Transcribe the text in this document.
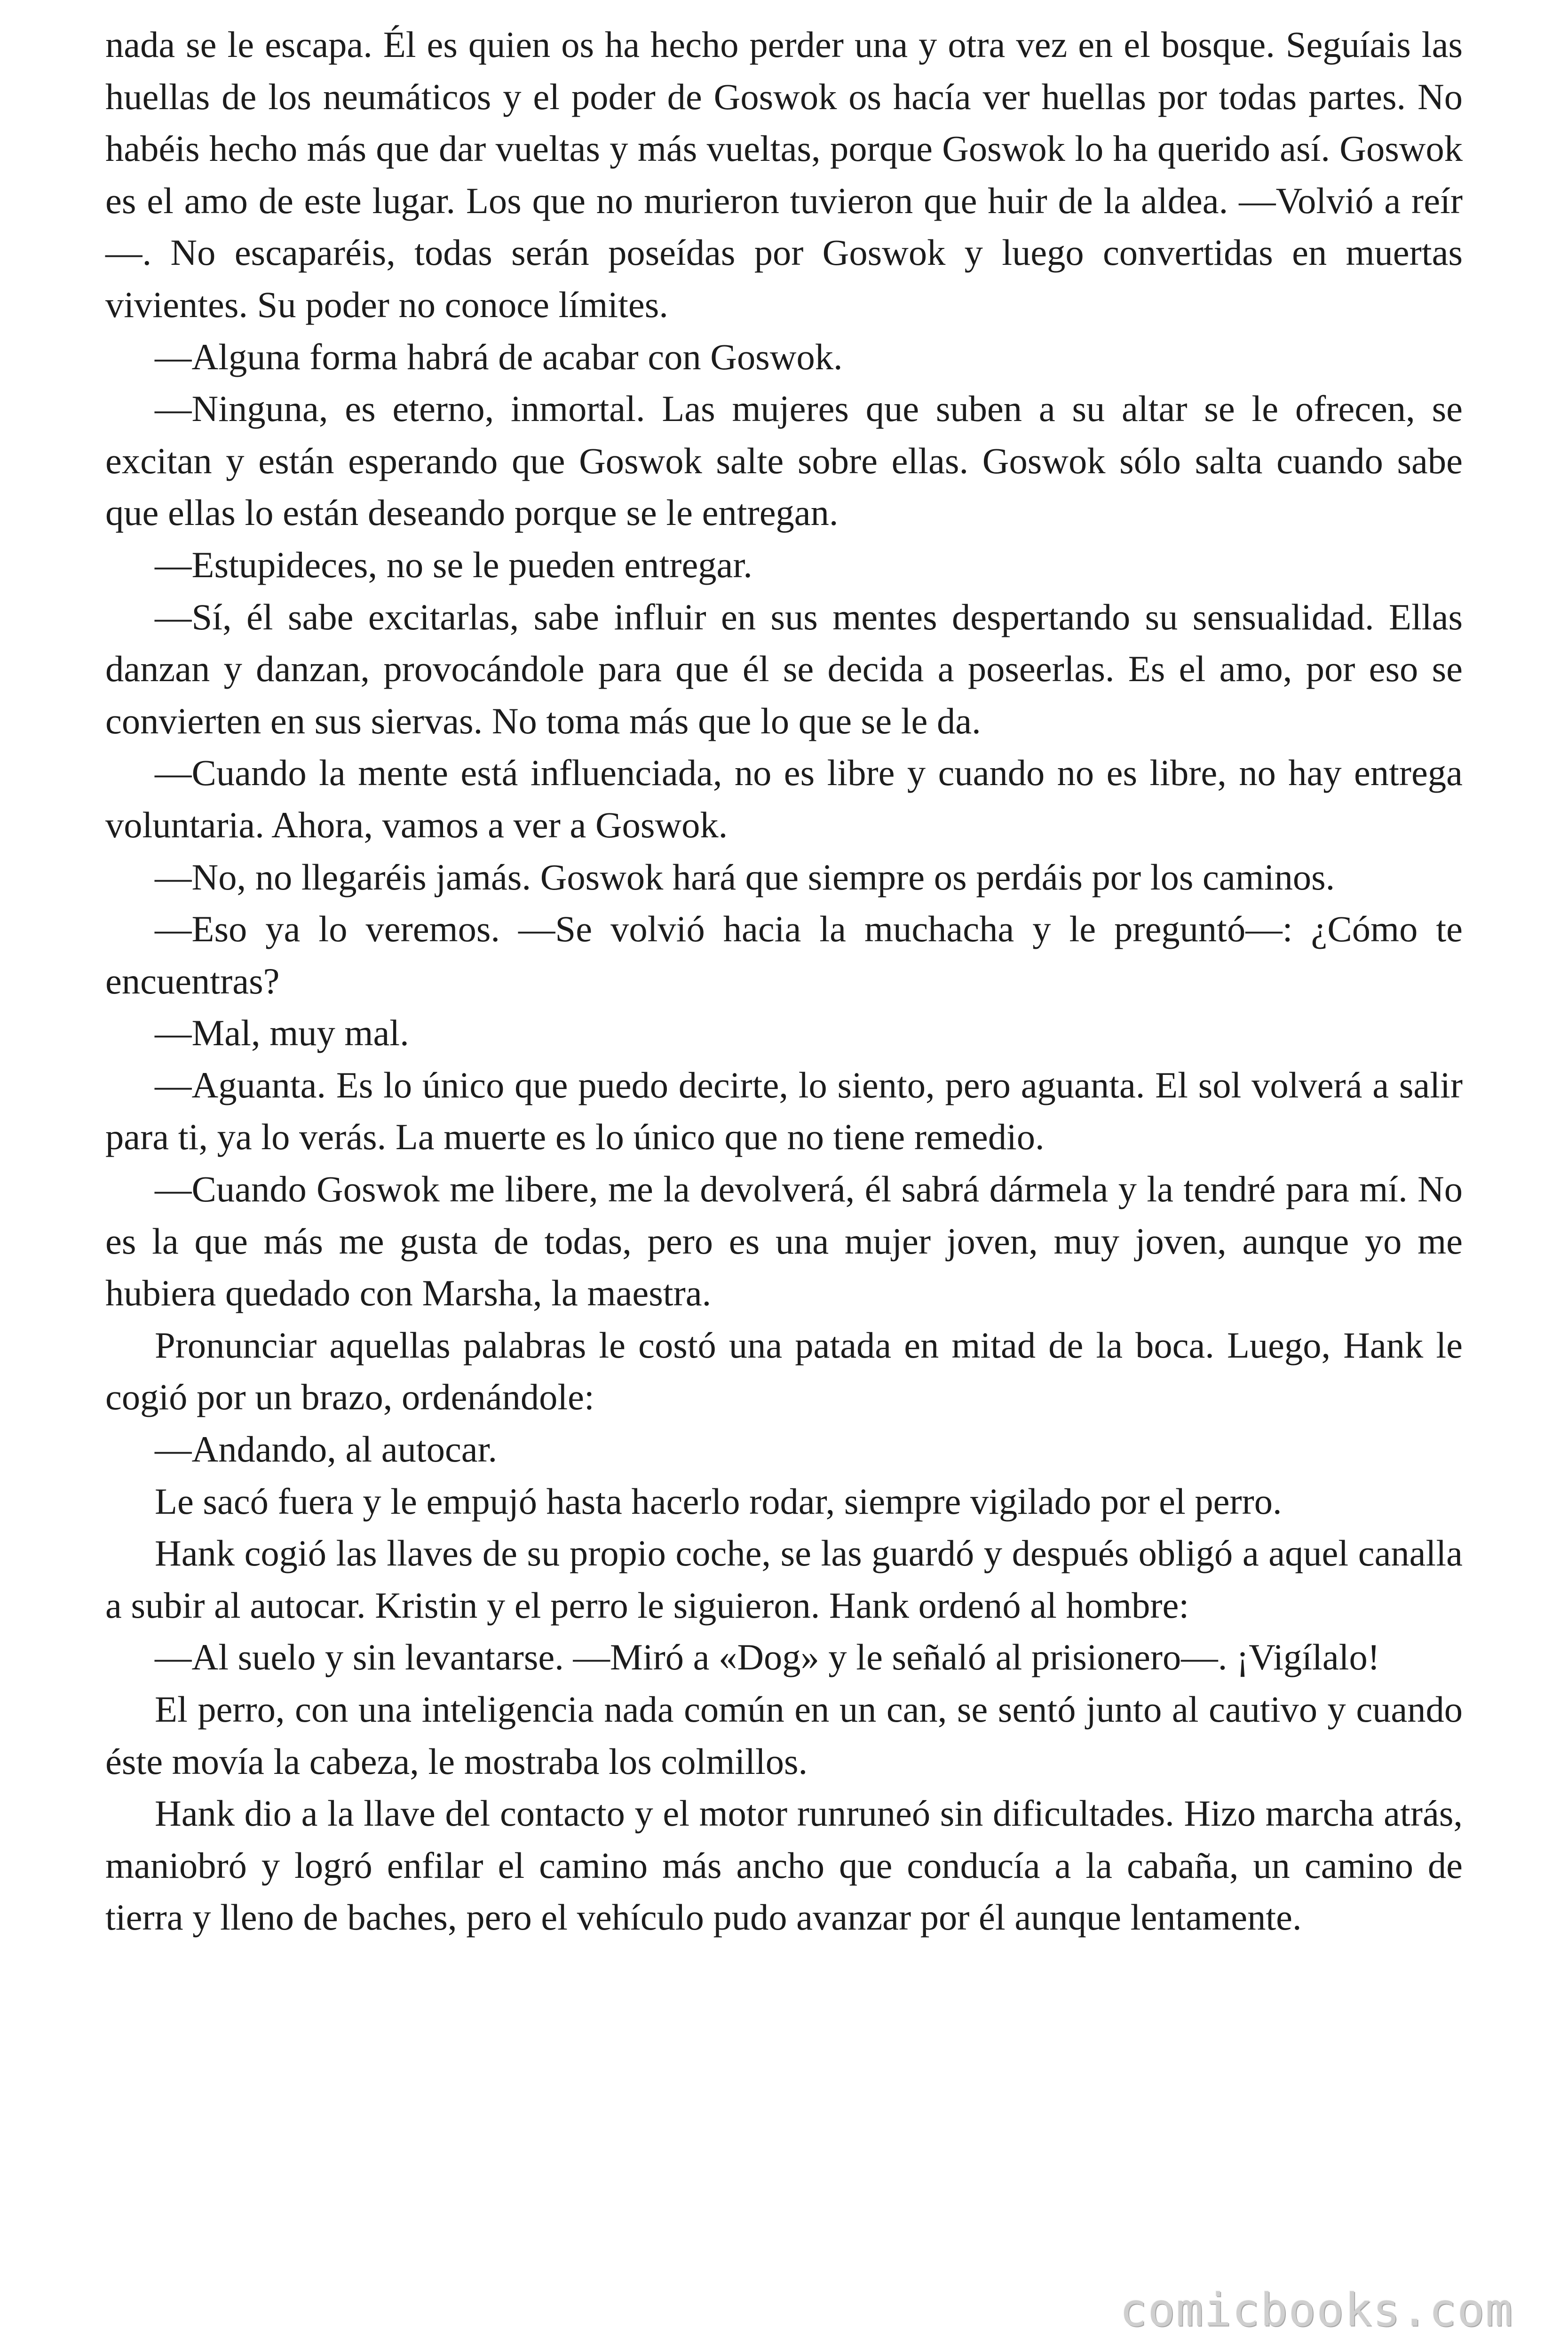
nada se le escapa. Él es quien os ha hecho perder una y otra vez en el bosque. Seguíais las huellas de los neumáticos y el poder de Goswok os hacía ver huellas por todas partes. No habéis hecho más que dar vueltas y más vueltas, porque Goswok lo ha querido así. Goswok es el amo de este lugar. Los que no murieron tuvieron que huir de la aldea. —Volvió a reír—. No escaparéis, todas serán poseídas por Goswok y luego convertidas en muertas vivientes. Su poder no conoce límites.

—Alguna forma habrá de acabar con Goswok.

—Ninguna, es eterno, inmortal. Las mujeres que suben a su altar se le ofrecen, se excitan y están esperando que Goswok salte sobre ellas. Goswok sólo salta cuando sabe que ellas lo están deseando porque se le entregan.

—Estupideces, no se le pueden entregar.

—Sí, él sabe excitarlas, sabe influir en sus mentes despertando su sensualidad. Ellas danzan y danzan, provocándole para que él se decida a poseerlas. Es el amo, por eso se convierten en sus siervas. No toma más que lo que se le da.

—Cuando la mente está influenciada, no es libre y cuando no es libre, no hay entrega voluntaria. Ahora, vamos a ver a Goswok.

—No, no llegaréis jamás. Goswok hará que siempre os perdáis por los caminos.

—Eso ya lo veremos. —Se volvió hacia la muchacha y le preguntó—: ¿Cómo te encuentras?

—Mal, muy mal.

—Aguanta. Es lo único que puedo decirte, lo siento, pero aguanta. El sol volverá a salir para ti, ya lo verás. La muerte es lo único que no tiene remedio.

—Cuando Goswok me libere, me la devolverá, él sabrá dármela y la tendré para mí. No es la que más me gusta de todas, pero es una mujer joven, muy joven, aunque yo me hubiera quedado con Marsha, la maestra.

Pronunciar aquellas palabras le costó una patada en mitad de la boca. Luego, Hank le cogió por un brazo, ordenándole:

—Andando, al autocar.

Le sacó fuera y le empujó hasta hacerlo rodar, siempre vigilado por el perro.

Hank cogió las llaves de su propio coche, se las guardó y después obligó a aquel canalla a subir al autocar. Kristin y el perro le siguieron. Hank ordenó al hombre:

—Al suelo y sin levantarse. —Miró a «Dog» y le señaló al prisionero—. ¡Vigílalo!

El perro, con una inteligencia nada común en un can, se sentó junto al cautivo y cuando éste movía la cabeza, le mostraba los colmillos.

Hank dio a la llave del contacto y el motor runruneó sin dificultades. Hizo marcha atrás, maniobró y logró enfilar el camino más ancho que conducía a la cabaña, un camino de tierra y lleno de baches, pero el vehículo pudo avanzar por él aunque lentamente.

comicbooks.com
